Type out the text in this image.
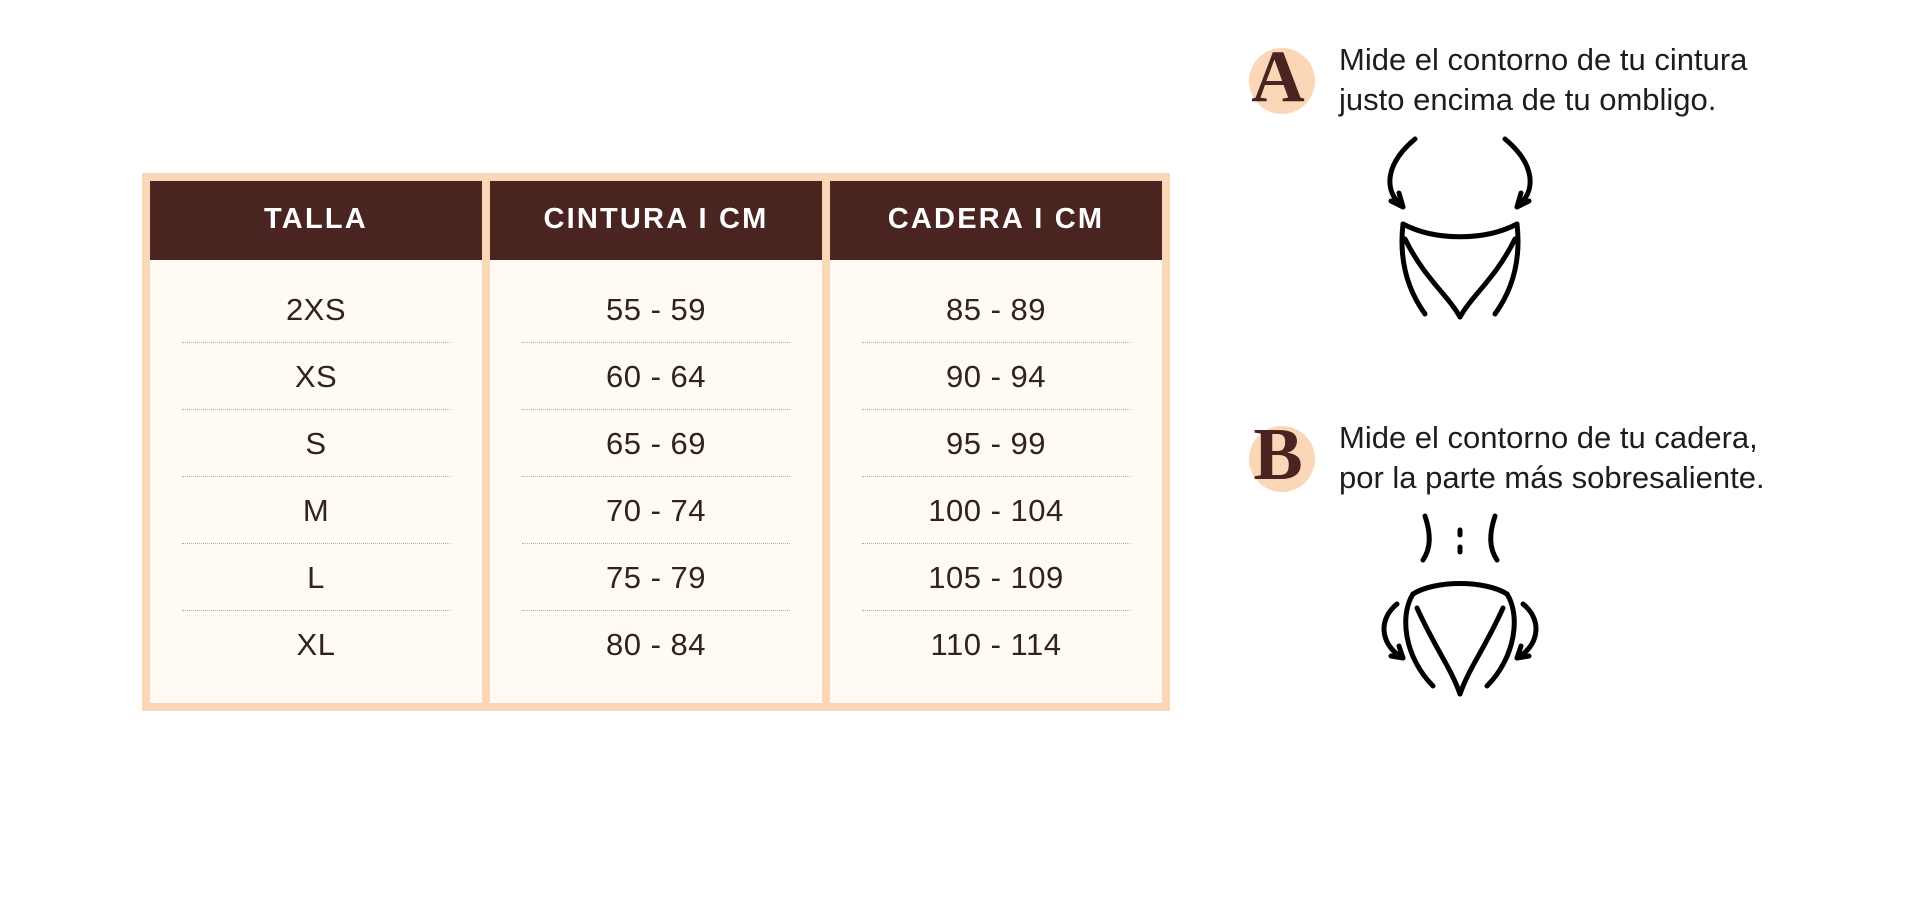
TALLA
2XS
XS
S
M
L
XL
CINTURA I CM
55 - 59
60 - 64
65 - 69
70 - 74
75 - 79
80 - 84
CADERA I CM
85 - 89
90 - 94
95 - 99
100 - 104
105 - 109
110 - 114
A	Mide el contorno de tu cintura justo encima de tu ombligo.
B	Mide el contorno de tu cadera, por la parte más sobresaliente.
